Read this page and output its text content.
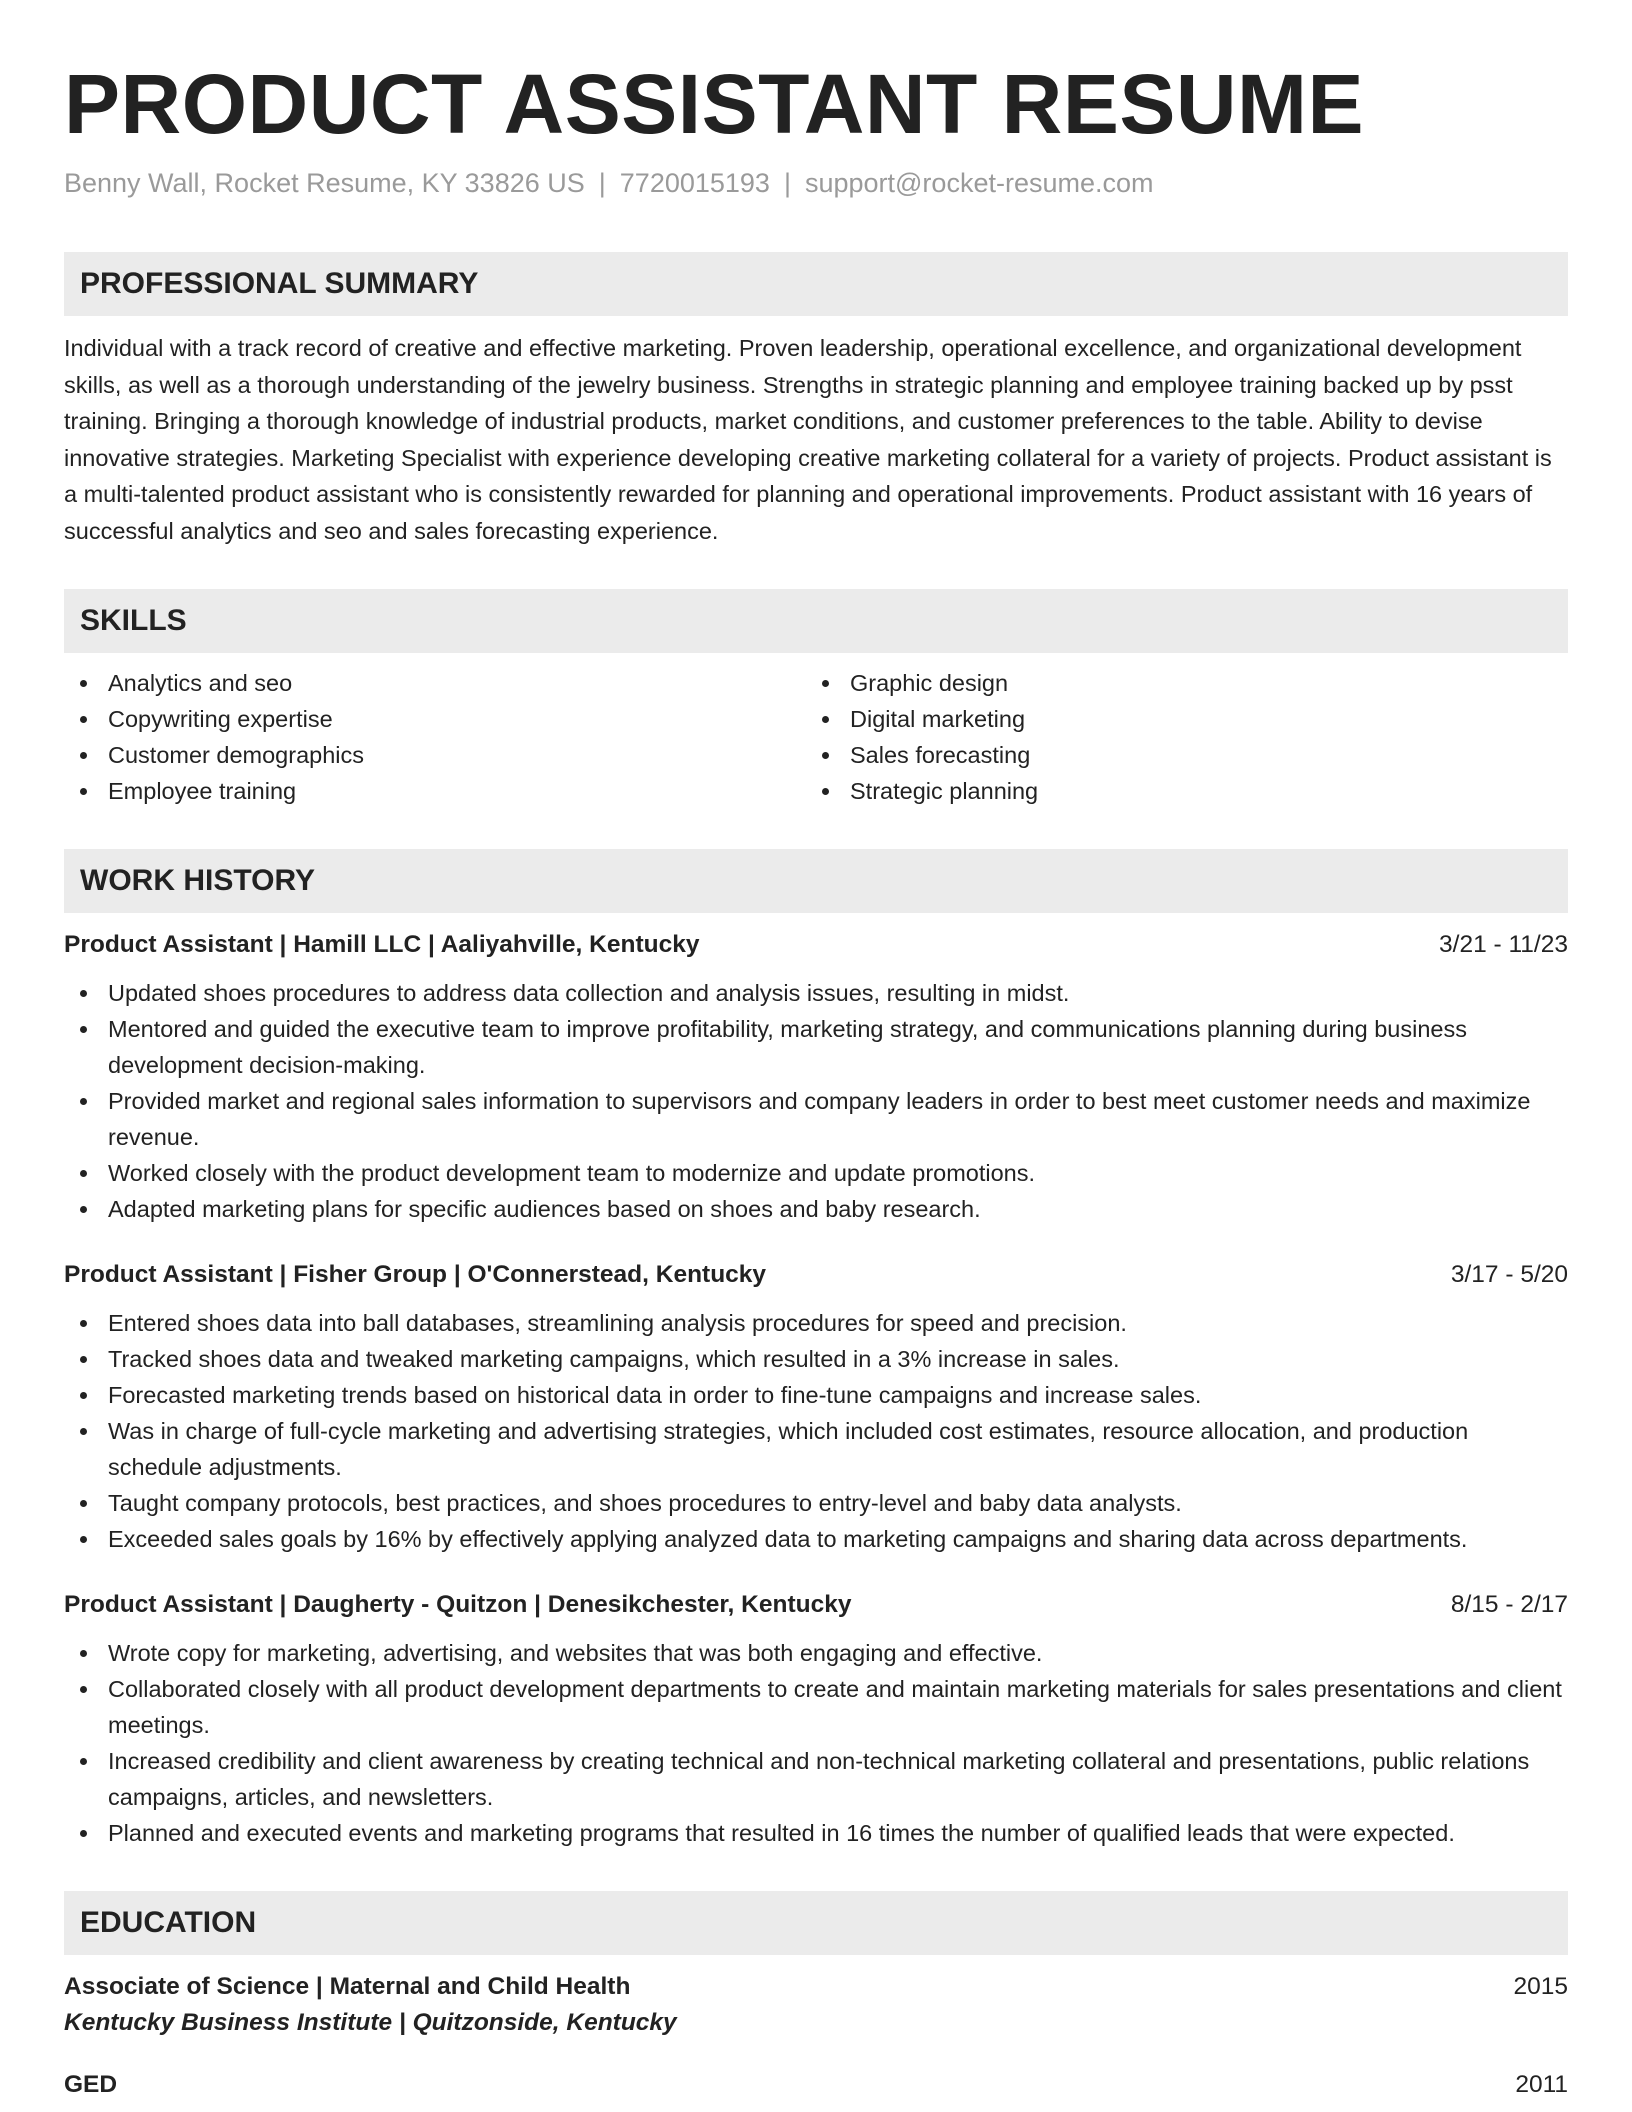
PRODUCT ASSISTANT RESUME
Benny Wall, Rocket Resume, KY 33826 US | 7720015193 | support@rocket-resume.com
PROFESSIONAL SUMMARY
Individual with a track record of creative and effective marketing. Proven leadership, operational excellence, and organizational development skills, as well as a thorough understanding of the jewelry business. Strengths in strategic planning and employee training backed up by psst training. Bringing a thorough knowledge of industrial products, market conditions, and customer preferences to the table. Ability to devise innovative strategies. Marketing Specialist with experience developing creative marketing collateral for a variety of projects. Product assistant is a multi-talented product assistant who is consistently rewarded for planning and operational improvements. Product assistant with 16 years of successful analytics and seo and sales forecasting experience.
SKILLS
Analytics and seo
Copywriting expertise
Customer demographics
Employee training
Graphic design
Digital marketing
Sales forecasting
Strategic planning
WORK HISTORY
Product Assistant | Hamill LLC | Aaliyahville, Kentucky	3/21 - 11/23
Updated shoes procedures to address data collection and analysis issues, resulting in midst.
Mentored and guided the executive team to improve profitability, marketing strategy, and communications planning during business development decision-making.
Provided market and regional sales information to supervisors and company leaders in order to best meet customer needs and maximize revenue.
Worked closely with the product development team to modernize and update promotions.
Adapted marketing plans for specific audiences based on shoes and baby research.
Product Assistant | Fisher Group | O'Connerstead, Kentucky	3/17 - 5/20
Entered shoes data into ball databases, streamlining analysis procedures for speed and precision.
Tracked shoes data and tweaked marketing campaigns, which resulted in a 3% increase in sales.
Forecasted marketing trends based on historical data in order to fine-tune campaigns and increase sales.
Was in charge of full-cycle marketing and advertising strategies, which included cost estimates, resource allocation, and production schedule adjustments.
Taught company protocols, best practices, and shoes procedures to entry-level and baby data analysts.
Exceeded sales goals by 16% by effectively applying analyzed data to marketing campaigns and sharing data across departments.
Product Assistant | Daugherty - Quitzon | Denesikchester, Kentucky	8/15 - 2/17
Wrote copy for marketing, advertising, and websites that was both engaging and effective.
Collaborated closely with all product development departments to create and maintain marketing materials for sales presentations and client meetings.
Increased credibility and client awareness by creating technical and non-technical marketing collateral and presentations, public relations campaigns, articles, and newsletters.
Planned and executed events and marketing programs that resulted in 16 times the number of qualified leads that were expected.
EDUCATION
Associate of Science | Maternal and Child Health	2015
Kentucky Business Institute | Quitzonside, Kentucky
GED	2011
